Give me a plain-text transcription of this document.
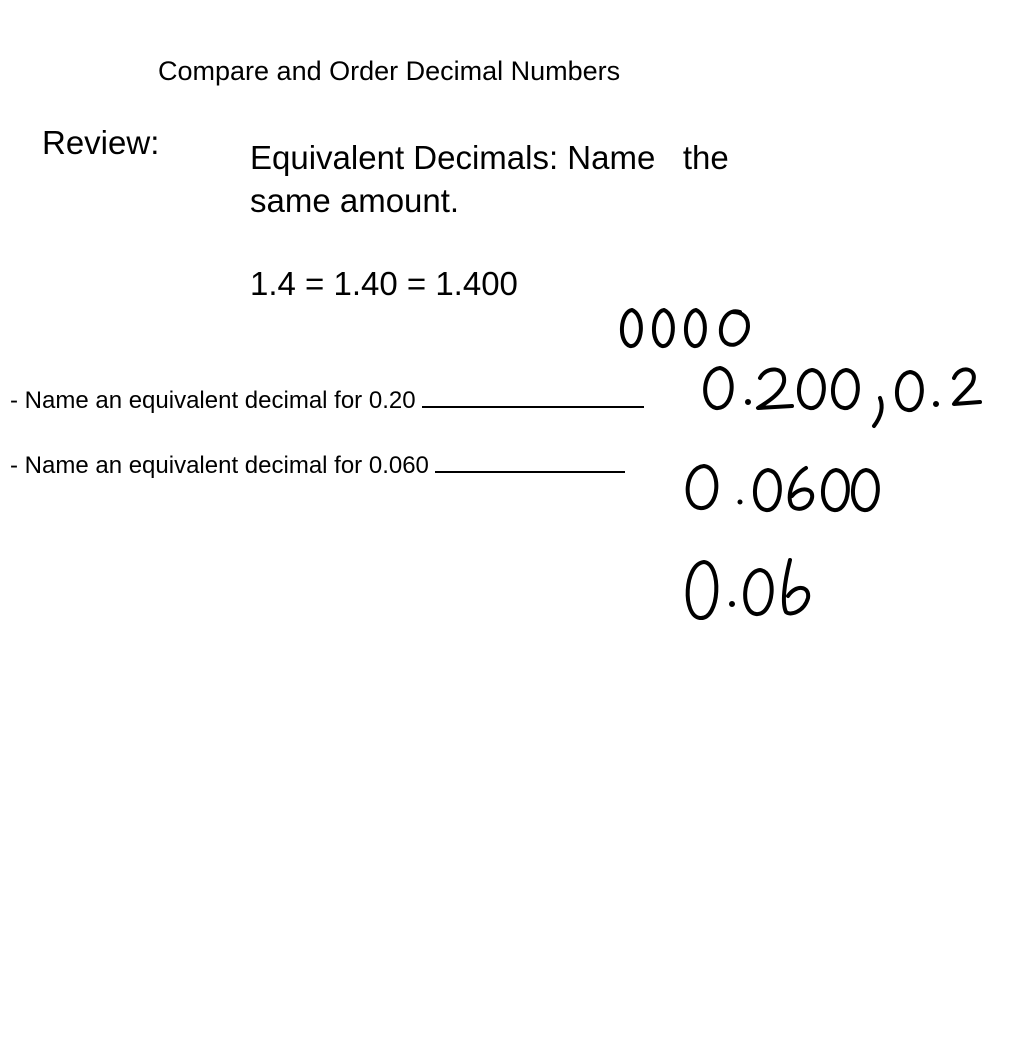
Compare and Order Decimal Numbers
Review:	Equivalent Decimals: Name   the
same amount.
1.4 = 1.40 = 1.400
- Name an equivalent decimal for 0.20
- Name an equivalent decimal for 0.060
